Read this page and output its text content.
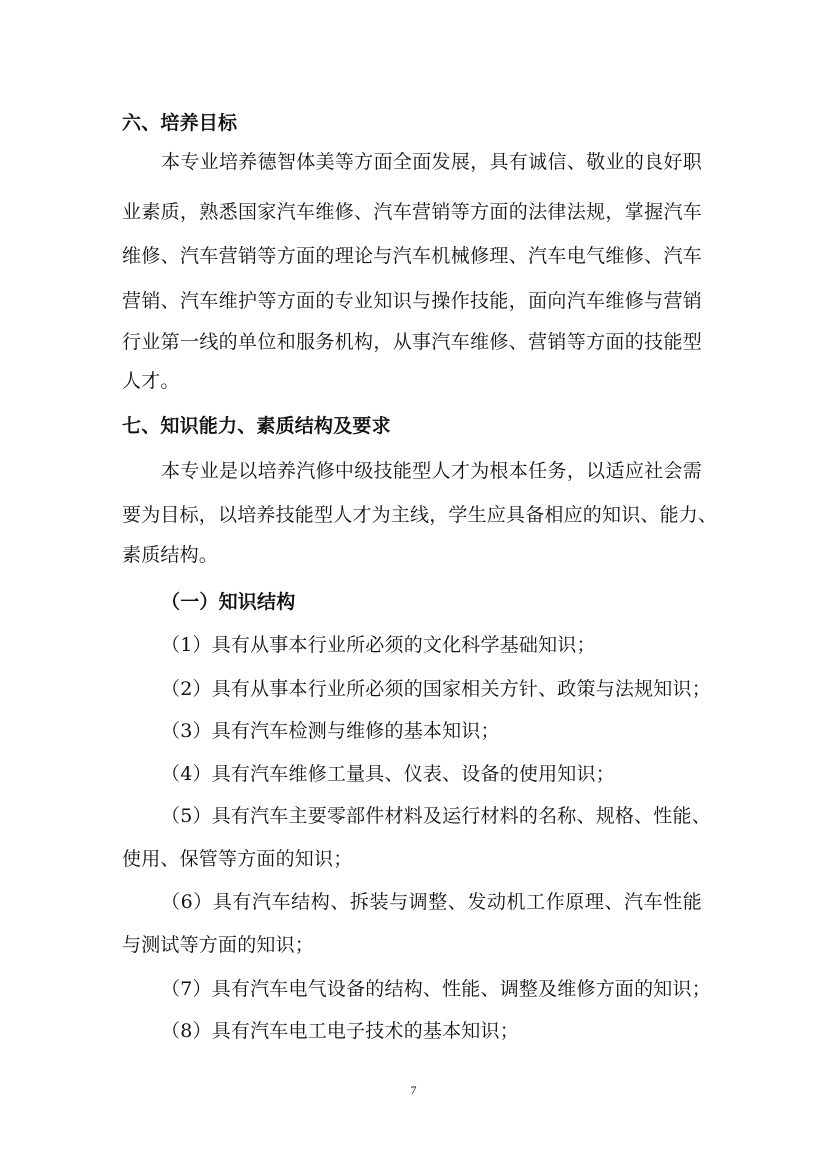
六、培养目标
本专业培养德智体美等方面全面发展，具有诚信、敬业的良好职
业素质，熟悉国家汽车维修、汽车营销等方面的法律法规，掌握汽车
维修、汽车营销等方面的理论与汽车机械修理、汽车电气维修、汽车
营销、汽车维护等方面的专业知识与操作技能，面向汽车维修与营销
行业第一线的单位和服务机构，从事汽车维修、营销等方面的技能型
人才。
七、知识能力、素质结构及要求
本专业是以培养汽修中级技能型人才为根本任务，以适应社会需
要为目标，以培养技能型人才为主线，学生应具备相应的知识、能力、
素质结构。
（一）知识结构
（1）具有从事本行业所必须的文化科学基础知识；
（2）具有从事本行业所必须的国家相关方针、政策与法规知识；
（3）具有汽车检测与维修的基本知识；
（4）具有汽车维修工量具、仪表、设备的使用知识；
（5）具有汽车主要零部件材料及运行材料的名称、规格、性能、
使用、保管等方面的知识；
（6）具有汽车结构、拆装与调整、发动机工作原理、汽车性能
与测试等方面的知识；
（7）具有汽车电气设备的结构、性能、调整及维修方面的知识；
（8）具有汽车电工电子技术的基本知识；
7
